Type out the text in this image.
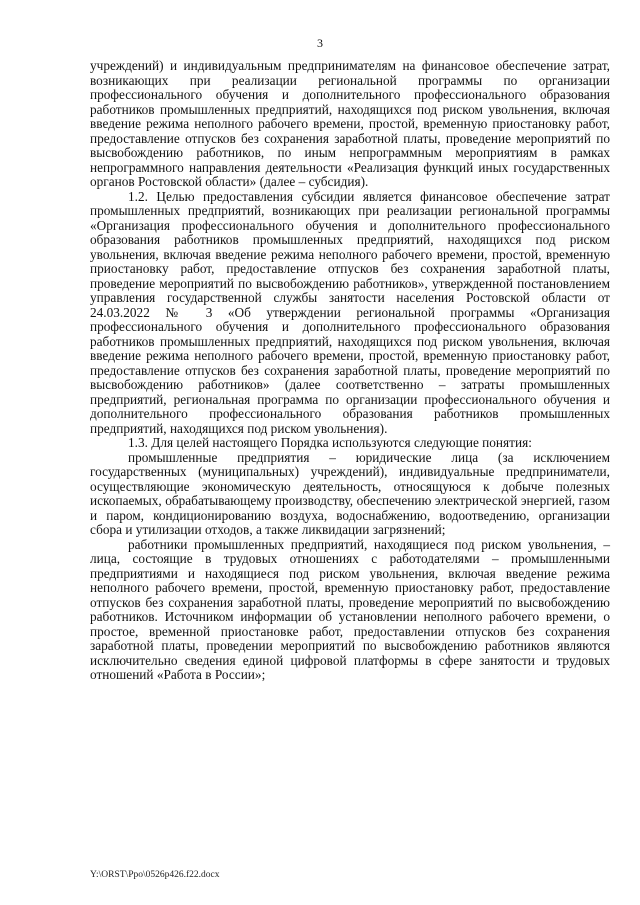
3

учреждений) и индивидуальным предпринимателям на финансовое обеспечение затрат, возникающих при реализации региональной программы по организации профессионального обучения и дополнительного профессионального образования работников промышленных предприятий, находящихся под риском увольнения, включая введение режима неполного рабочего времени, простой, временную приостановку работ, предоставление отпусков без сохранения заработной платы, проведение мероприятий по высвобождению работников, по иным непрограммным мероприятиям в рамках непрограммного направления деятельности «Реализация функций иных государственных органов Ростовской области» (далее – субсидия).

1.2. Целью предоставления субсидии является финансовое обеспечение затрат промышленных предприятий, возникающих при реализации региональной программы «Организация профессионального обучения и дополнительного профессионального образования работников промышленных предприятий, находящихся под риском увольнения, включая введение режима неполного рабочего времени, простой, временную приостановку работ, предоставление отпусков без сохранения заработной платы, проведение мероприятий по высвобождению работников», утвержденной постановлением управления государственной службы занятости населения Ростовской области от 24.03.2022 № 3 «Об утверждении региональной программы «Организация профессионального обучения и дополнительного профессионального образования работников промышленных предприятий, находящихся под риском увольнения, включая введение режима неполного рабочего времени, простой, временную приостановку работ, предоставление отпусков без сохранения заработной платы, проведение мероприятий по высвобождению работников» (далее соответственно – затраты промышленных предприятий, региональная программа по организации профессионального обучения и дополнительного профессионального образования работников промышленных предприятий, находящихся под риском увольнения).

1.3. Для целей настоящего Порядка используются следующие понятия:

промышленные предприятия – юридические лица (за исключением государственных (муниципальных) учреждений), индивидуальные предприниматели, осуществляющие экономическую деятельность, относящуюся к добыче полезных ископаемых, обрабатывающему производству, обеспечению электрической энергией, газом и паром, кондиционированию воздуха, водоснабжению, водоотведению, организации сбора и утилизации отходов, а также ликвидации загрязнений;

работники промышленных предприятий, находящиеся под риском увольнения, – лица, состоящие в трудовых отношениях с работодателями – промышленными предприятиями и находящиеся под риском увольнения, включая введение режима неполного рабочего времени, простой, временную приостановку работ, предоставление отпусков без сохранения заработной платы, проведение мероприятий по высвобождению работников. Источником информации об установлении неполного рабочего времени, о простое, временной приостановке работ, предоставлении отпусков без сохранения заработной платы, проведении мероприятий по высвобождению работников являются исключительно сведения единой цифровой платформы в сфере занятости и трудовых отношений «Работа в России»;

Y:\ORST\Ppo\0526p426.f22.docx
